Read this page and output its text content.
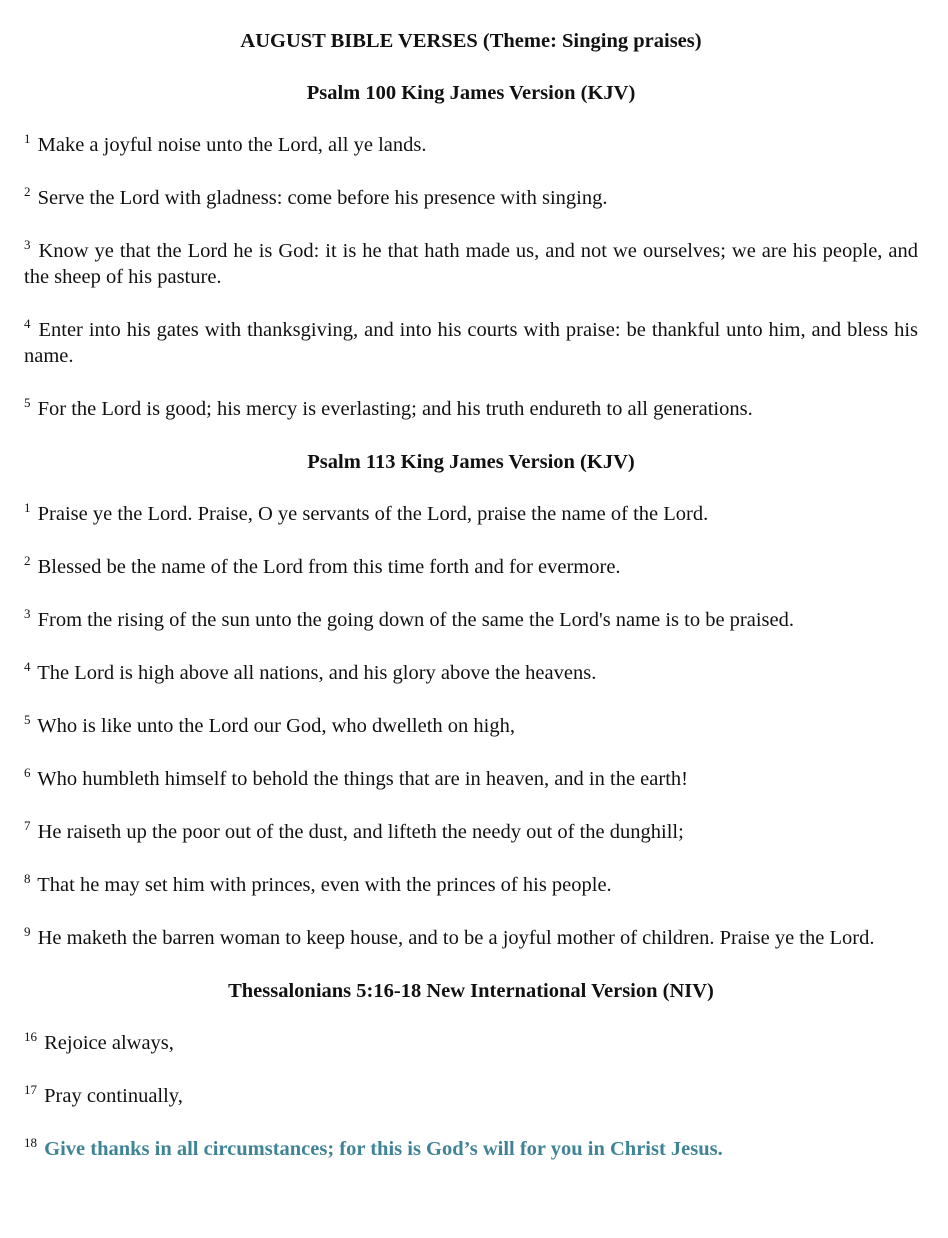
AUGUST BIBLE VERSES (Theme: Singing praises)
Psalm 100 King James Version (KJV)
$^1$ Make a joyful noise unto the Lord, all ye lands.
$^2$ Serve the Lord with gladness: come before his presence with singing.
$^3$ Know ye that the Lord he is God: it is he that hath made us, and not we ourselves; we are his people, and the sheep of his pasture.
$^4$ Enter into his gates with thanksgiving, and into his courts with praise: be thankful unto him, and bless his name.
$^5$ For the Lord is good; his mercy is everlasting; and his truth endureth to all generations.
Psalm 113 King James Version (KJV)
$^1$ Praise ye the Lord. Praise, O ye servants of the Lord, praise the name of the Lord.
$^2$ Blessed be the name of the Lord from this time forth and for evermore.
$^3$ From the rising of the sun unto the going down of the same the Lord's name is to be praised.
$^4$ The Lord is high above all nations, and his glory above the heavens.
$^5$ Who is like unto the Lord our God, who dwelleth on high,
$^6$ Who humbleth himself to behold the things that are in heaven, and in the earth!
$^7$ He raiseth up the poor out of the dust, and lifteth the needy out of the dunghill;
$^8$ That he may set him with princes, even with the princes of his people.
$^9$ He maketh the barren woman to keep house, and to be a joyful mother of children. Praise ye the Lord.
Thessalonians 5:16-18 New International Version (NIV)
$^{16}$ Rejoice always,
$^{17}$ Pray continually,
$^{18}$ Give thanks in all circumstances; for this is God’s will for you in Christ Jesus.
